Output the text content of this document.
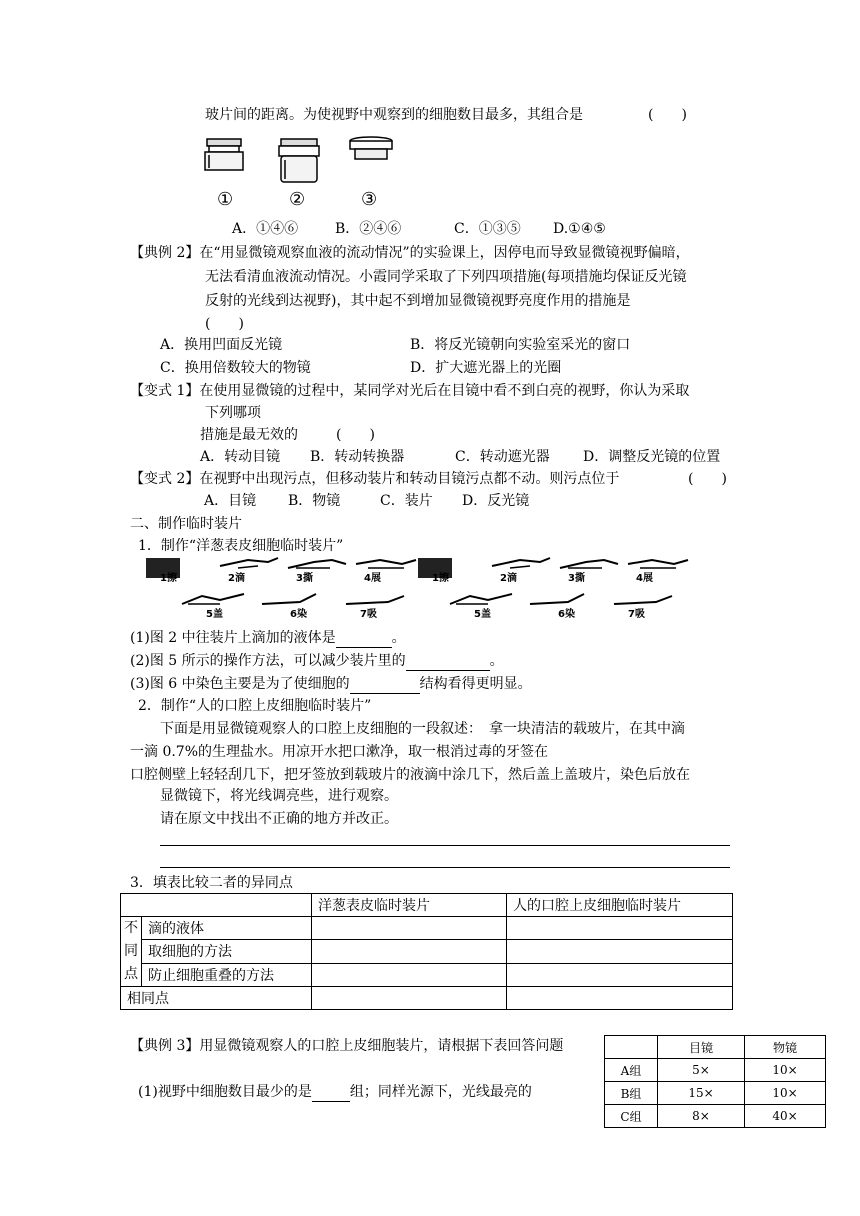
玻片间的距离。为使视野中观察到的细胞数目最多，其组合是	(　　)
①	②	③
A．①④⑥	B．②④⑥	C．①③⑤ D.①④⑤
【典例 2】在“用显微镜观察血液的流动情况”的实验课上，因停电而导致显微镜视野偏暗，
无法看清血液流动情况。小霞同学采取了下列四项措施(每项措施均保证反光镜
反射的光线到达视野)，其中起不到增加显微镜视野亮度作用的措施是
(　　)
A．换用凹面反光镜	B．将反光镜朝向实验室采光的窗口
C．换用倍数较大的物镜	D．扩大遮光器上的光圈
【变式 1】在使用显微镜的过程中，某同学对光后在目镜中看不到白亮的视野，你认为采取
下列哪项
措施是最无效的	(　　)
A．转动目镜 B．转动转换器	C．转动遮光器 D．调整反光镜的位置
【变式 2】在视野中出现污点，但移动装片和转动目镜污点都不动。则污点位于	(　　)
A．目镜 B．物镜	C．装片 D．反光镜
二、制作临时装片
1．制作“洋葱表皮细胞临时装片”
1擦	2滴	3撕	4展	1擦	2滴	3撕	4展
5盖	6染	7吸	5盖	6染	7吸
(1)图 2 中往装片上滴加的液体是	。
(2)图 5 所示的操作方法，可以减少装片里的	。
(3)图 6 中染色主要是为了使细胞的	结构看得更明显。
2．制作“人的口腔上皮细胞临时装片”
下面是用显微镜观察人的口腔上皮细胞的一段叙述：　拿一块清洁的载玻片，在其中滴
一滴 0.7%的生理盐水。用凉开水把口漱净，取一根消过毒的牙签在
口腔侧壁上轻轻刮几下，把牙签放到载玻片的液滴中涂几下，然后盖上盖玻片，染色后放在
显微镜下，将光线调亮些，进行观察。
请在原文中找出不正确的地方并改正。
3．填表比较二者的异同点
		洋葱表皮临时装片	人的口腔上皮细胞临时装片
不
同
点	滴的液体		
	取细胞的方法		
	防止细胞重叠的方法		
相同点			
【典例 3】用显微镜观察人的口腔上皮细胞装片，请根据下表回答问题
(1)视野中细胞数目最少的是	组；同样光源下，光线最亮的
	目镜	物镜
A组	5×	10×
B组	15×	10×
C组	8×	40×
